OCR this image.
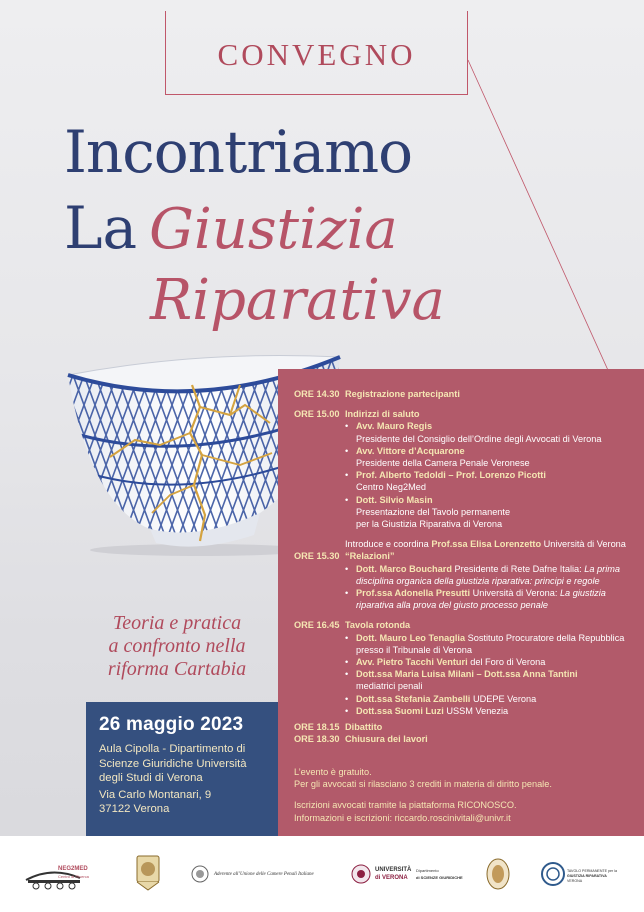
CONVEGNO
Incontriamo
La Giustizia
Riparativa
Teoria e pratica
a confronto nella
riforma Cartabia
26 maggio 2023
Aula Cipolla - Dipartimento di
Scienze Giuridiche Università
degli Studi di Verona
Via Carlo Montanari, 9
37122 Verona
ORE 14.30 Registrazione partecipanti
ORE 15.00 Indirizzi di saluto
• Avv. Mauro Regis
Presidente del Consiglio dell’Ordine degli Avvocati di Verona
• Avv. Vittore d’Acquarone
Presidente della Camera Penale Veronese
• Prof. Alberto Tedoldi – Prof. Lorenzo Picotti
Centro Neg2Med
• Dott. Silvio Masin
Presentazione del Tavolo permanente
per la Giustizia Riparativa di Verona
Introduce e coordina Prof.ssa Elisa Lorenzetto Università di Verona
ORE 15.30 “Relazioni”
• Dott. Marco Bouchard Presidente di Rete Dafne Italia: La prima
disciplina organica della giustizia riparativa: principi e regole
• Prof.ssa Adonella Presutti Università di Verona: La giustizia
riparativa alla prova del giusto processo penale
ORE 16.45 Tavola rotonda
• Dott. Mauro Leo Tenaglia Sostituto Procuratore della Repubblica
presso il Tribunale di Verona
• Avv. Pietro Tacchi Venturi del Foro di Verona
• Dott.ssa Maria Luisa Milani – Dott.ssa Anna Tantini
mediatrici penali
• Dott.ssa Stefania Zambelli UDEPE Verona
• Dott.ssa Suomi Luzi USSM Venezia
ORE 18.15 Dibattito
ORE 18.30 Chiusura dei lavori

L’evento è gratuito.
Per gli avvocati si rilasciano 3 crediti in materia di diritto penale.

Iscrizioni avvocati tramite la piattaforma RICONOSCO.
Informazioni e iscrizioni: riccardo.roscinivitali@univr.it

NEG2MED
Centro di Ricerca	Aderente all’Unione delle Camere Penali Italiane
UNIVERSITÀ
di VERONA
Dipartimento
di SCIENZE GIURIDICHE
TAVOLO PERMANENTE per la
GIUSTIZIA RIPARATIVA
VERONA
